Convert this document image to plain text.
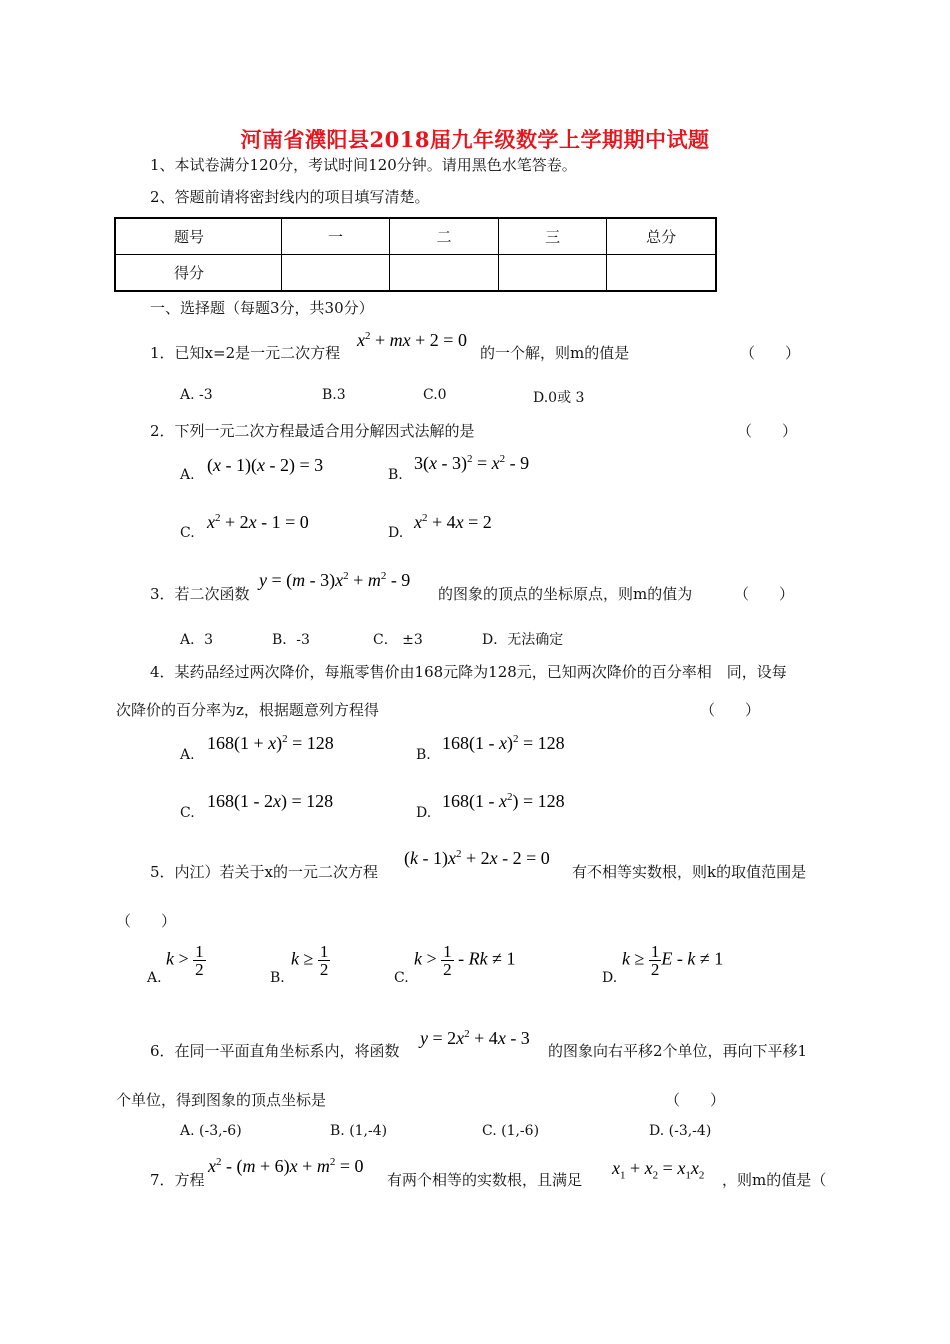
河南省濮阳县2018届九年级数学上学期期中试题
1、本试卷满分120分，考试时间120分钟。请用黑色水笔答卷。
2、答题前请将密封线内的项目填写清楚。
题号	一	二	三	总分
得分				
一、选择题（每题3分，共30分）
1．已知x=2是一元二次方程
$x^2$ + mx + 2 = 0
的一个解，则m的值是	（　　）
A. -3	B.3	C.0	D.0或 3
2．下列一元二次方程最适合用分解因式法解的是	（　　）
A. (x - 1)(x - 2) = 3	B.
$3(x - 3)^2 = x^2 - 9$
C.
$x^2 + 2x - 1 = 0$
D.
$x^2 + 4x = 2$
3．若二次函数
$y = (m - 3)x^2 + m^2 - 9$
的图象的顶点的坐标原点，则m的值为	（　　）
A．3	B．-3	C． ±3	D．无法确定
4．某药品经过两次降价，每瓶零售价由168元降为128元，已知两次降价的百分率相　同，设每
次降价的百分率为z，根据题意列方程得	（　　）
A.
$168(1 + x)^2 = 128$
B.
168(1 - x)$^2$ = 128
C.
168(1 - 2x) = 128
D.
$168(1 - x^2) = 128$
5．内江）若关于x的一元二次方程
$(k - 1)x^2 + 2x - 2 = 0$
有不相等实数根，则k的取值范围是
（　　）
A.
$k > \frac{1}{2}$	B.
$k \ge \frac{1}{2}$	C.
$k > \frac{1}{2} - Rk \ne 1$
D.
$k \ge \frac{1}{2}$ E - k ≠ 1
6．在同一平面直角坐标系内，将函数
$y = 2x^2 + 4x - 3$
的图象向右平移2个单位，再向下平移1
个单位，得到图象的顶点坐标是	（　　）
A. (-3,-6)	B. (1,-4)	C. (1,-6)	D. (-3,-4)
7．方程
$x^2 - (m + 6)x + m^2 = 0$
有两个相等的实数根，且满足
$x_1 + x_2 = x_1x_2$ ，则m的值是（
